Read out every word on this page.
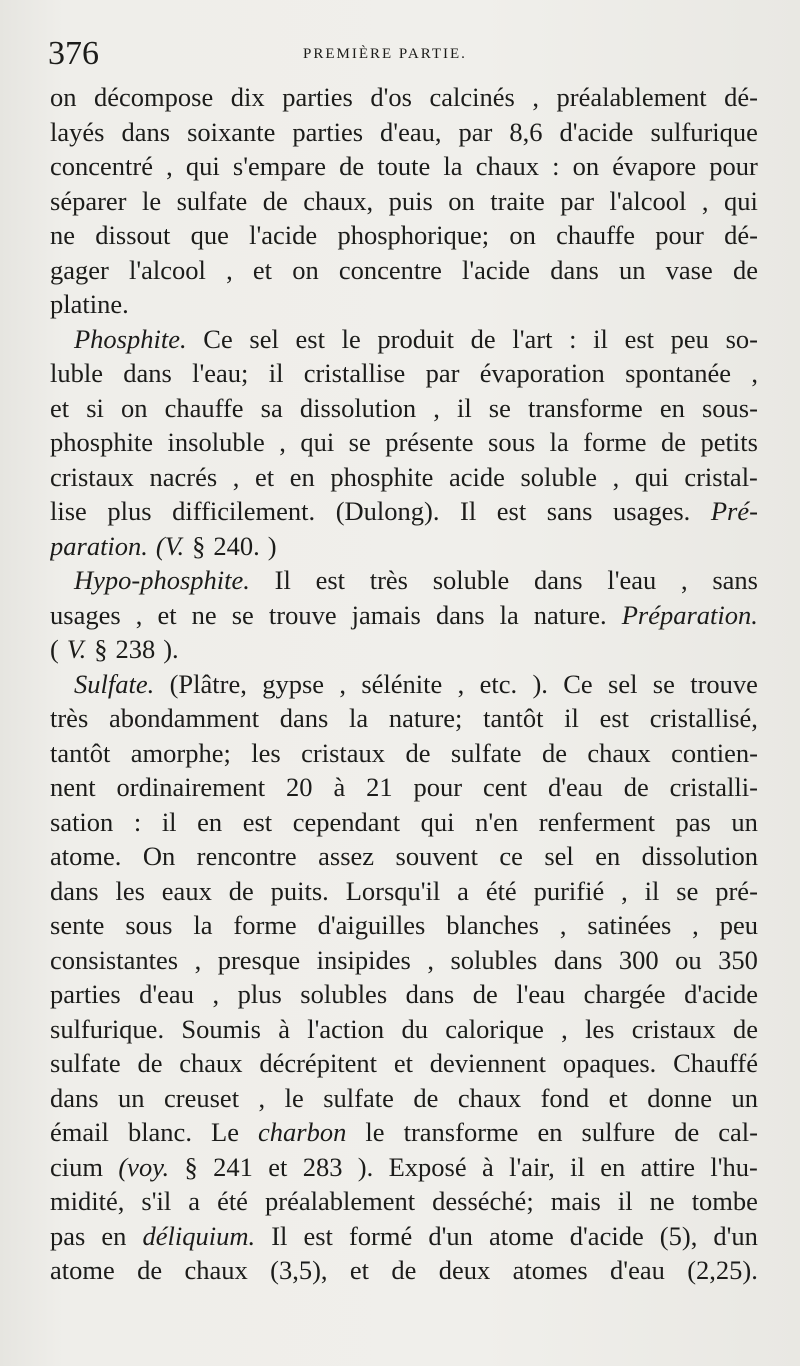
376	PREMIÈRE PARTIE.
on décompose dix parties d'os calcinés , préalablement dé-
layés dans soixante parties d'eau, par 8,6 d'acide sulfurique
concentré , qui s'empare de toute la chaux : on évapore pour
séparer le sulfate de chaux, puis on traite par l'alcool , qui
ne dissout que l'acide phosphorique; on chauffe pour dé-
gager l'alcool , et on concentre l'acide dans un vase de
platine.
Phosphite. Ce sel est le produit de l'art : il est peu so-
luble dans l'eau; il cristallise par évaporation spontanée ,
et si on chauffe sa dissolution , il se transforme en sous-
phosphite insoluble , qui se présente sous la forme de petits
cristaux nacrés , et en phosphite acide soluble , qui cristal-
lise plus difficilement. (Dulong). Il est sans usages. Pré-
paration. (V. § 240. )
Hypo-phosphite. Il est très soluble dans l'eau , sans
usages , et ne se trouve jamais dans la nature. Préparation.
( V. § 238 ).
Sulfate. (Plâtre, gypse , sélénite , etc. ). Ce sel se trouve
très abondamment dans la nature; tantôt il est cristallisé,
tantôt amorphe; les cristaux de sulfate de chaux contien-
nent ordinairement 20 à 21 pour cent d'eau de cristalli-
sation : il en est cependant qui n'en renferment pas un
atome. On rencontre assez souvent ce sel en dissolution
dans les eaux de puits. Lorsqu'il a été purifié , il se pré-
sente sous la forme d'aiguilles blanches , satinées , peu
consistantes , presque insipides , solubles dans 300 ou 350
parties d'eau , plus solubles dans de l'eau chargée d'acide
sulfurique. Soumis à l'action du calorique , les cristaux de
sulfate de chaux décrépitent et deviennent opaques. Chauffé
dans un creuset , le sulfate de chaux fond et donne un
émail blanc. Le charbon le transforme en sulfure de cal-
cium (voy. § 241 et 283 ). Exposé à l'air, il en attire l'hu-
midité, s'il a été préalablement desséché; mais il ne tombe
pas en déliquium. Il est formé d'un atome d'acide (5), d'un
atome de chaux (3,5), et de deux atomes d'eau (2,25).
